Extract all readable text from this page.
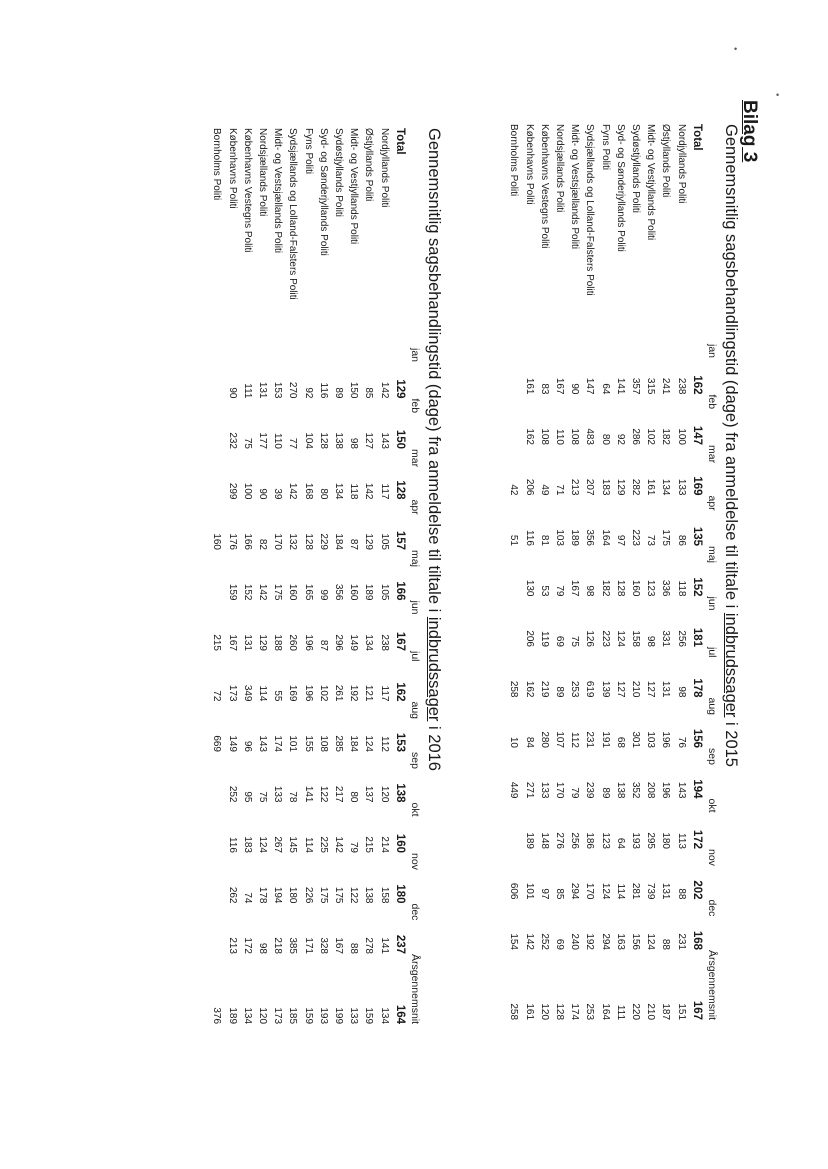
•
•
Bilag 3
Gennemsnitlig sagsbehandlingstid (dage) fra anmeldelse til tiltale i indbrudssager i 2015
	jan	feb	mar	apr	maj	jun	jul	aug	sep	okt	nov	dec	Årsgennemsnit
Total	162	147	169	135	152	181	178	156	194	172	202	168	167
Nordjyllands Politi	238	100	133	86	118	256	98	76	143	113	88	231	151
Østjyllands Politi	241	182	134	175	336	331	131	196	196	180	131	88	187
Midt- og Vestjyllands Politi	315	102	161	73	123	98	127	103	208	295	739	124	210
Sydøstjyllands Politi	357	286	282	223	160	158	210	301	352	193	281	156	220
Syd- og Sønderjyllands Politi	141	92	129	97	128	124	127	68	138	64	114	163	111
Fyns Politi	64	80	183	164	182	223	139	191	89	123	124	294	164
Sydsjællands og Lolland-Falsters Politi	147	483	207	356	98	126	619	231	239	186	170	192	253
Midt- og Vestsjællands Politi	90	108	213	189	167	75	253	112	79	256	294	240	174
Nordsjællands Politi	167	110	71	103	79	69	89	107	170	276	85	69	128
Københavns Vestegns Politi	83	108	49	81	53	119	219	280	133	148	97	252	120
Københavns Politi	161	162	206	116	130	206	162	84	271	189	101	142	161
Bornholms Politi			42	51			258	10	449		606	154	258
Gennemsnitlig sagsbehandlingstid (dage) fra anmeldelse til tiltale i indbrudssager i 2016
	jan	feb	mar	apr	maj	jun	jul	aug	sep	okt	nov	dec	Årsgennemsnit
Total	129	150	128	157	166	167	162	153	138	160	180	237	164
Nordjyllands Politi	142	143	117	105	105	238	117	112	120	214	158	141	134
Østjyllands Politi	85	127	142	129	189	134	121	124	137	215	138	278	159
Midt- og Vestjyllands Politi	150	98	118	87	160	149	192	184	80	79	122	88	133
Sydøstjyllands Politi	89	138	134	184	356	296	261	285	217	142	175	167	199
Syd- og Sønderjyllands Politi	116	128	80	229	99	87	102	108	122	225	175	328	193
Fyns Politi	92	104	168	128	165	196	196	155	141	114	226	171	159
Sydsjællands og Lolland-Falsters Politi	270	77	142	132	160	260	169	101	78	145	180	385	185
Midt- og Vestsjællands Politi	153	110	39	170	175	188	55	174	133	267	194	218	173
Nordsjællands Politi	131	177	90	82	142	129	114	143	75	124	178	98	120
Københavns Vestegns Politi	111	75	100	166	152	131	349	96	95	183	74	172	134
Københavns Politi	90	232	299	176	159	167	173	149	252	116	262	213	189
Bornholms Politi				160		215	72	669					376
